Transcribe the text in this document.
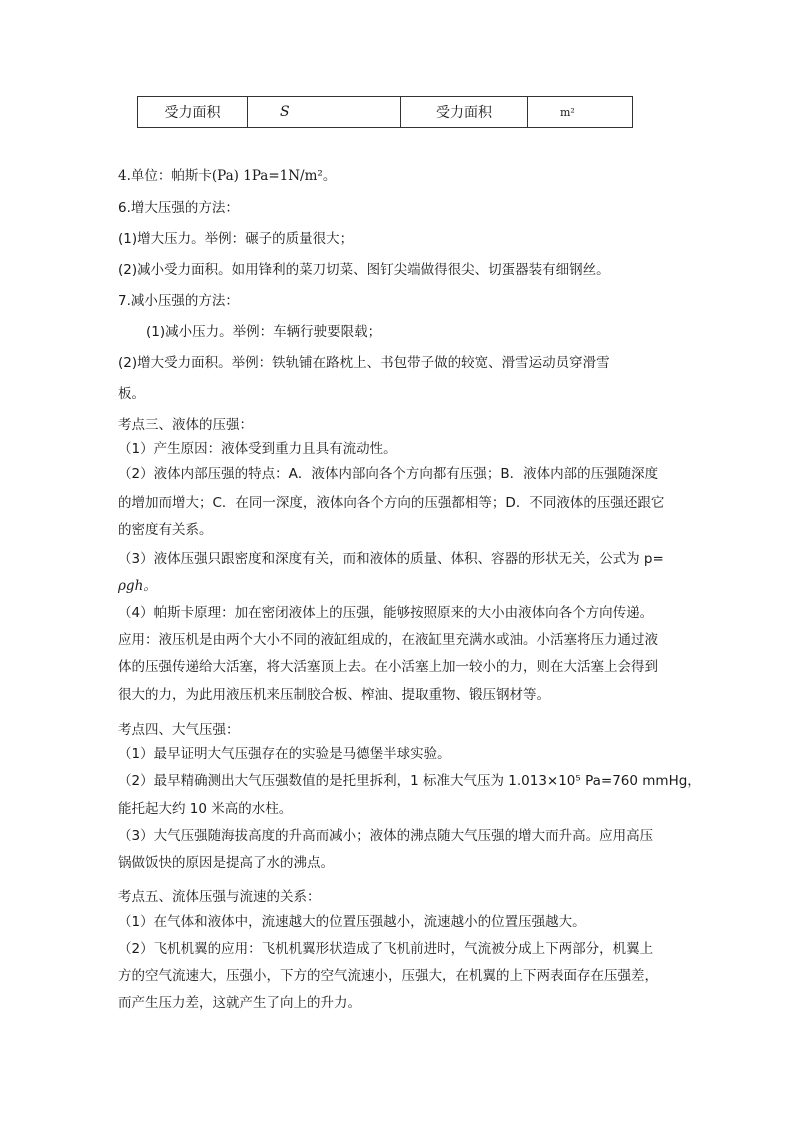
受力面积	S	受力面积	m²
4.单位：帕斯卡(Pa) 1Pa=1N/m²。
6.增大压强的方法：
(1)增大压力。举例：碾子的质量很大；
(2)减小受力面积。如用锋利的菜刀切菜、图钉尖端做得很尖、切蛋器装有细钢丝。
7.减小压强的方法：
(1)减小压力。举例：车辆行驶要限载；
(2)增大受力面积。举例：铁轨铺在路枕上、书包带子做的较宽、滑雪运动员穿滑雪
板。
考点三、液体的压强：
（1）产生原因：液体受到重力且具有流动性。
（2）液体内部压强的特点：A．液体内部向各个方向都有压强；B．液体内部的压强随深度
的增加而增大；C．在同一深度，液体向各个方向的压强都相等；D．不同液体的压强还跟它
的密度有关系。
（3）液体压强只跟密度和深度有关，而和液体的质量、体积、容器的形状无关，公式为 p=
ρgh。
（4）帕斯卡原理：加在密闭液体上的压强，能够按照原来的大小由液体向各个方向传递。
应用：液压机是由两个大小不同的液缸组成的，在液缸里充满水或油。小活塞将压力通过液
体的压强传递给大活塞，将大活塞顶上去。在小活塞上加一较小的力，则在大活塞上会得到
很大的力，为此用液压机来压制胶合板、榨油、提取重物、锻压钢材等。
考点四、大气压强：
（1）最早证明大气压强存在的实验是马德堡半球实验。
（2）最早精确测出大气压强数值的是托里拆利，1 标准大气压为 1.013×10⁵ Pa=760 mmHg，
能托起大约 10 米高的水柱。
（3）大气压强随海拔高度的升高而减小；液体的沸点随大气压强的增大而升高。应用高压
锅做饭快的原因是提高了水的沸点。
考点五、流体压强与流速的关系：
（1）在气体和液体中，流速越大的位置压强越小，流速越小的位置压强越大。
（2）飞机机翼的应用：飞机机翼形状造成了飞机前进时，气流被分成上下两部分，机翼上
方的空气流速大，压强小，下方的空气流速小，压强大，在机翼的上下两表面存在压强差，
而产生压力差，这就产生了向上的升力。
